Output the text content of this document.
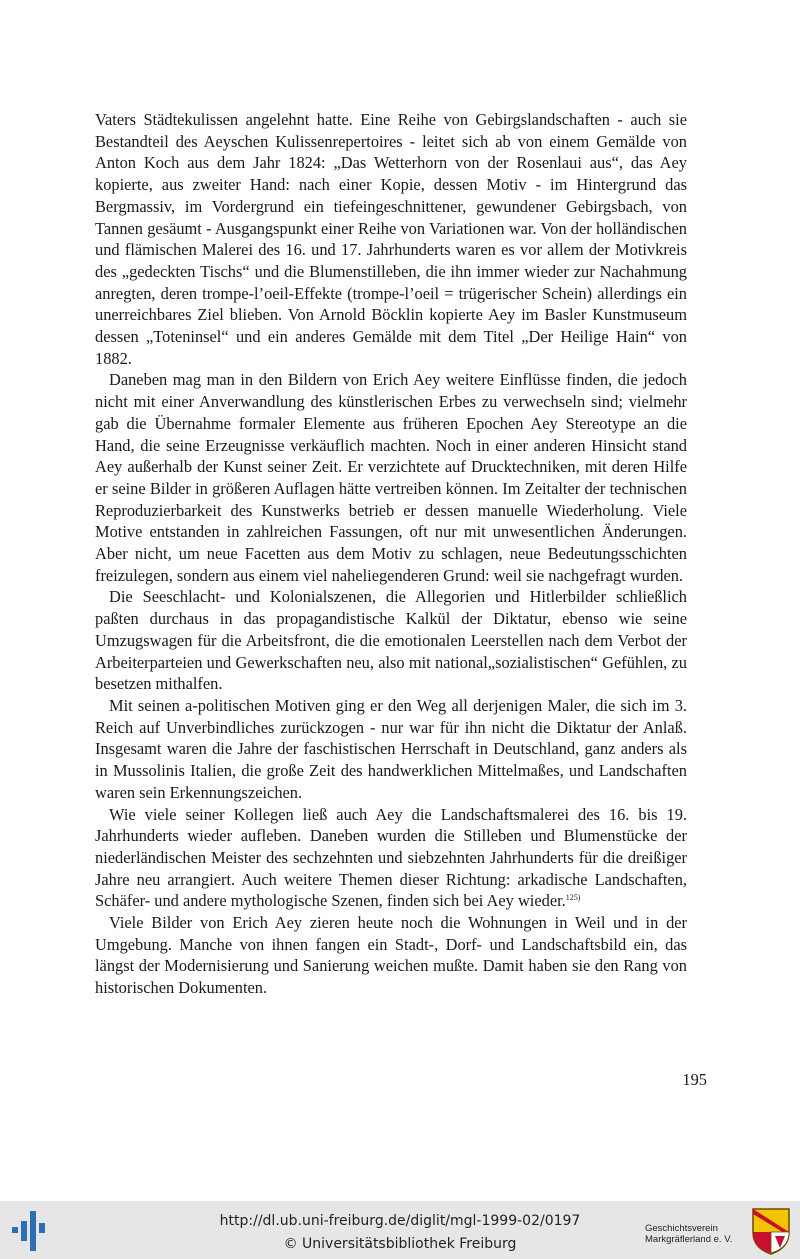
Vaters Städtekulissen angelehnt hatte. Eine Reihe von Gebirgslandschaften - auch sie Bestandteil des Aeyschen Kulissenrepertoires - leitet sich ab von einem Gemälde von Anton Koch aus dem Jahr 1824: „Das Wetterhorn von der Rosenlaui aus“, das Aey kopierte, aus zweiter Hand: nach einer Kopie, dessen Motiv - im Hintergrund das Bergmassiv, im Vordergrund ein tiefeingeschnittener, gewundener Gebirgsbach, von Tannen gesäumt - Ausgangspunkt einer Reihe von Variationen war. Von der holländischen und flämischen Malerei des 16. und 17. Jahrhunderts waren es vor allem der Motivkreis des „gedeckten Tischs“ und die Blumenstilleben, die ihn immer wieder zur Nachahmung anregten, deren trompe-l’oeil-Effekte (trompe-l’oeil = trügerischer Schein) allerdings ein unerreichbares Ziel blieben. Von Arnold Böcklin kopierte Aey im Basler Kunstmuseum dessen „Toteninsel“ und ein anderes Gemälde mit dem Titel „Der Heilige Hain“ von 1882.

Daneben mag man in den Bildern von Erich Aey weitere Einflüsse finden, die jedoch nicht mit einer Anverwandlung des künstlerischen Erbes zu verwechseln sind; vielmehr gab die Übernahme formaler Elemente aus früheren Epochen Aey Stereotype an die Hand, die seine Erzeugnisse verkäuflich machten. Noch in einer anderen Hinsicht stand Aey außerhalb der Kunst seiner Zeit. Er verzichtete auf Drucktechniken, mit deren Hilfe er seine Bilder in größeren Auflagen hätte vertreiben können. Im Zeitalter der technischen Reproduzierbarkeit des Kunstwerks betrieb er dessen manuelle Wiederholung. Viele Motive entstanden in zahlreichen Fassungen, oft nur mit unwesentlichen Änderungen. Aber nicht, um neue Facetten aus dem Motiv zu schlagen, neue Bedeutungsschichten freizulegen, sondern aus einem viel naheliegenderen Grund: weil sie nachgefragt wurden.

Die Seeschlacht- und Kolonialszenen, die Allegorien und Hitlerbilder schließlich paßten durchaus in das propagandistische Kalkül der Diktatur, ebenso wie seine Umzugswagen für die Arbeitsfront, die die emotionalen Leerstellen nach dem Verbot der Arbeiterparteien und Gewerkschaften neu, also mit national„sozialistischen“ Gefühlen, zu besetzen mithalfen.

Mit seinen a-politischen Motiven ging er den Weg all derjenigen Maler, die sich im 3. Reich auf Unverbindliches zurückzogen - nur war für ihn nicht die Diktatur der Anlaß. Insgesamt waren die Jahre der faschistischen Herrschaft in Deutschland, ganz anders als in Mussolinis Italien, die große Zeit des handwerklichen Mittelmaßes, und Landschaften waren sein Erkennungszeichen.

Wie viele seiner Kollegen ließ auch Aey die Landschaftsmalerei des 16. bis 19. Jahrhunderts wieder aufleben. Daneben wurden die Stilleben und Blumenstücke der niederländischen Meister des sechzehnten und siebzehnten Jahrhunderts für die dreißiger Jahre neu arrangiert. Auch weitere Themen dieser Richtung: arkadische Landschaften, Schäfer- und andere mythologische Szenen, finden sich bei Aey wieder.$^{125)}$

Viele Bilder von Erich Aey zieren heute noch die Wohnungen in Weil und in der Umgebung. Manche von ihnen fangen ein Stadt-, Dorf- und Landschaftsbild ein, das längst der Modernisierung und Sanierung weichen mußte. Damit haben sie den Rang von historischen Dokumenten.

195
http://dl.ub.uni-freiburg.de/diglit/mgl-1999-02/0197
© Universitätsbibliothek Freiburg
Geschichtsverein
Markgräflerland e. V.
